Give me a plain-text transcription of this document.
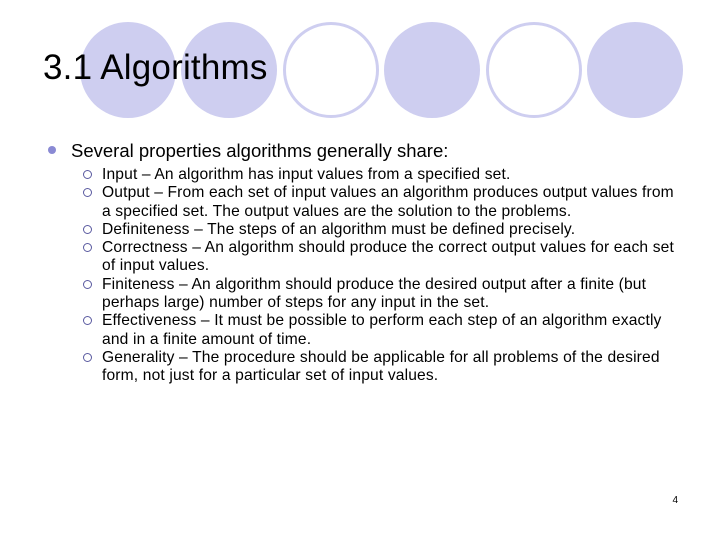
3.1 Algorithms
Several properties algorithms generally share:
Input – An algorithm has input values from a specified set.
Output – From each set of input values an algorithm produces output values from a specified set. The output values are the solution to the problems.
Definiteness – The steps of an algorithm must be defined precisely.
Correctness – An algorithm should produce the correct output values for each set of input values.
Finiteness – An algorithm should produce the desired output after a finite (but perhaps large) number of steps for any input in the set.
Effectiveness – It must be possible to perform each step of an algorithm exactly and in a finite amount of time.
Generality – The procedure should be applicable for all problems of the desired form, not just for a particular set of input values.
4
